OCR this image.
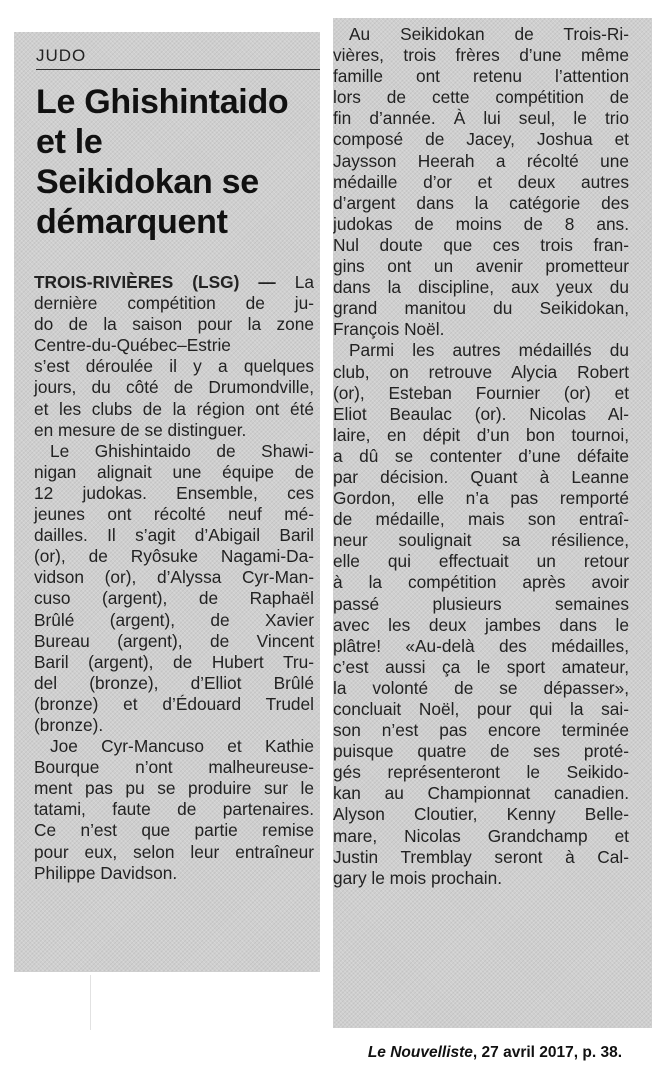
JUDO
Le Ghishintaido
et le
Seikidokan se
démarquent
TROIS-RIVIÈRES (LSG) — La
dernière compétition de ju-
do de la saison pour la zone
Centre-du-Québec–Estrie
s’est déroulée il y a quelques
jours, du côté de Drumondville,
et les clubs de la région ont été
en mesure de se distinguer.
Le Ghishintaido de Shawi-
nigan alignait une équipe de
12 judokas. Ensemble, ces
jeunes ont récolté neuf mé-
dailles. Il s’agit d’Abigail Baril
(or), de Ryôsuke Nagami-Da-
vidson (or), d’Alyssa Cyr-Man-
cuso (argent), de Raphaël
Brûlé (argent), de Xavier
Bureau (argent), de Vincent
Baril (argent), de Hubert Tru-
del (bronze), d’Elliot Brûlé
(bronze) et d’Édouard Trudel
(bronze).
Joe Cyr-Mancuso et Kathie
Bourque n’ont malheureuse-
ment pas pu se produire sur le
tatami, faute de partenaires.
Ce n’est que partie remise
pour eux, selon leur entraîneur
Philippe Davidson.
Au Seikidokan de Trois-Ri-
vières, trois frères d’une même
famille ont retenu l’attention
lors de cette compétition de
fin d’année. À lui seul, le trio
composé de Jacey, Joshua et
Jaysson Heerah a récolté une
médaille d’or et deux autres
d’argent dans la catégorie des
judokas de moins de 8 ans.
Nul doute que ces trois fran-
gins ont un avenir prometteur
dans la discipline, aux yeux du
grand manitou du Seikidokan,
François Noël.
Parmi les autres médaillés du
club, on retrouve Alycia Robert
(or), Esteban Fournier (or) et
Eliot Beaulac (or). Nicolas Al-
laire, en dépit d’un bon tournoi,
a dû se contenter d’une défaite
par décision. Quant à Leanne
Gordon, elle n’a pas remporté
de médaille, mais son entraî-
neur soulignait sa résilience,
elle qui effectuait un retour
à la compétition après avoir
passé plusieurs semaines
avec les deux jambes dans le
plâtre! «Au-delà des médailles,
c’est aussi ça le sport amateur,
la volonté de se dépasser»,
concluait Noël, pour qui la sai-
son n’est pas encore terminée
puisque quatre de ses proté-
gés représenteront le Seikido-
kan au Championnat canadien.
Alyson Cloutier, Kenny Belle-
mare, Nicolas Grandchamp et
Justin Tremblay seront à Cal-
gary le mois prochain.
Le Nouvelliste, 27 avril 2017, p. 38.
